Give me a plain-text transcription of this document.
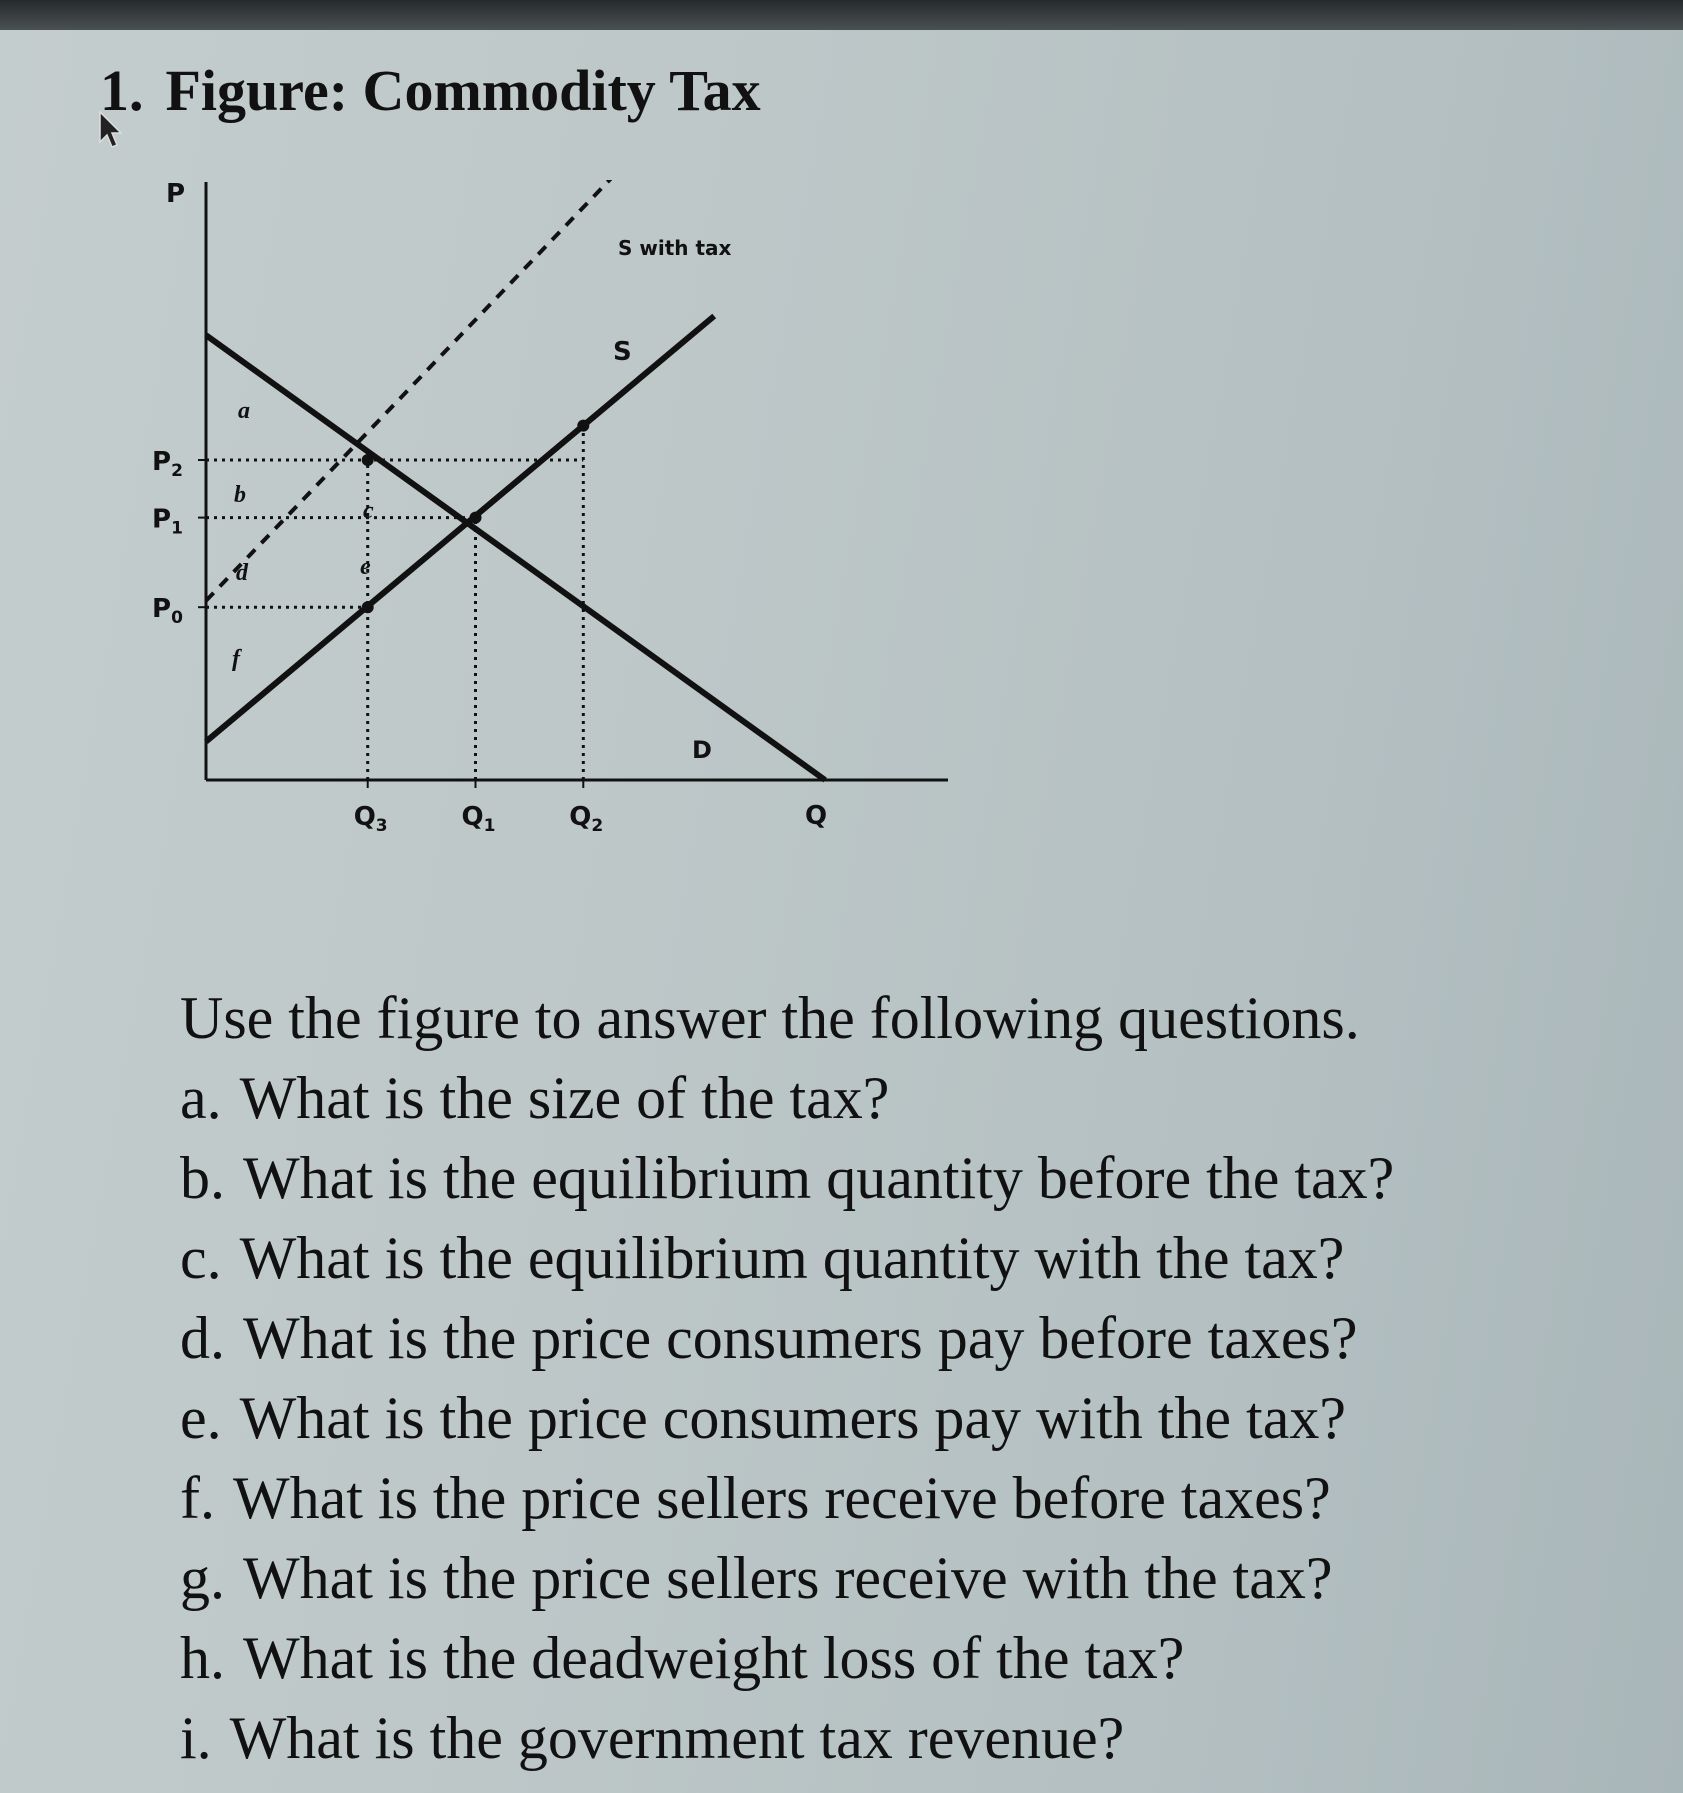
1. Figure: Commodity Tax
P
Q
$P_2$
$P_1$
$P_0$
$Q_3$	$Q_1$	$Q_2$
S
S with tax
D
a
b
c
d	e
f
Use the figure to answer the following questions.
a. What is the size of the tax?
b. What is the equilibrium quantity before the tax?
c. What is the equilibrium quantity with the tax?
d. What is the price consumers pay before taxes?
e. What is the price consumers pay with the tax?
f. What is the price sellers receive before taxes?
g. What is the price sellers receive with the tax?
h. What is the deadweight loss of the tax?
i. What is the government tax revenue?
